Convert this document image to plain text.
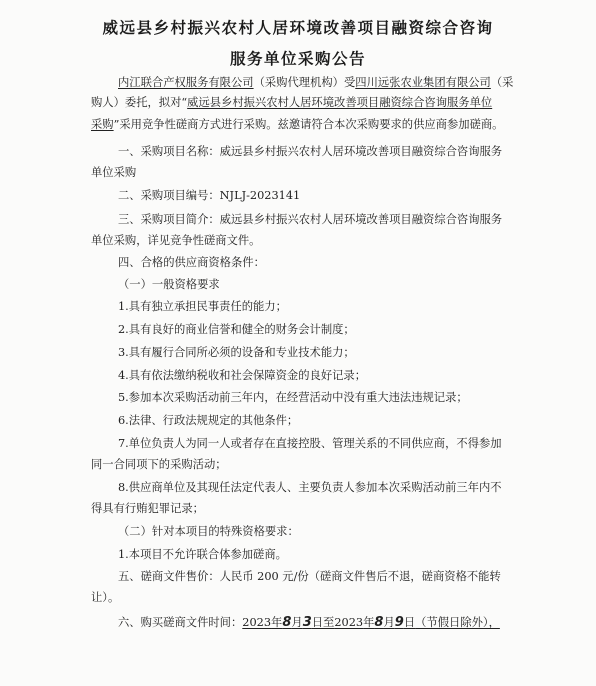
威远县乡村振兴农村人居环境改善项目融资综合咨询
服务单位采购公告
内江联合产权服务有限公司（采购代理机构）受四川远张农业集团有限公司（采
购人）委托，拟对“威远县乡村振兴农村人居环境改善项目融资综合咨询服务单位
采购”采用竞争性磋商方式进行采购。兹邀请符合本次采购要求的供应商参加磋商。
一、采购项目名称：威远县乡村振兴农村人居环境改善项目融资综合咨询服务
单位采购
二、采购项目编号：NJLJ-2023141
三、采购项目简介：威远县乡村振兴农村人居环境改善项目融资综合咨询服务
单位采购，详见竞争性磋商文件。
四、合格的供应商资格条件：
（一）一般资格要求
1.具有独立承担民事责任的能力；
2.具有良好的商业信誉和健全的财务会计制度；
3.具有履行合同所必须的设备和专业技术能力；
4.具有依法缴纳税收和社会保障资金的良好记录；
5.参加本次采购活动前三年内，在经营活动中没有重大违法违规记录；
6.法律、行政法规规定的其他条件；
7.单位负责人为同一人或者存在直接控股、管理关系的不同供应商，不得参加
同一合同项下的采购活动；
8.供应商单位及其现任法定代表人、主要负责人参加本次采购活动前三年内不
得具有行贿犯罪记录；
（二）针对本项目的特殊资格要求：
1.本项目不允许联合体参加磋商。
五、磋商文件售价：人民币 200 元/份（磋商文件售后不退，磋商资格不能转
让）。
六、购买磋商文件时间：2023年8月3日至2023年8月9日（节假日除外），
